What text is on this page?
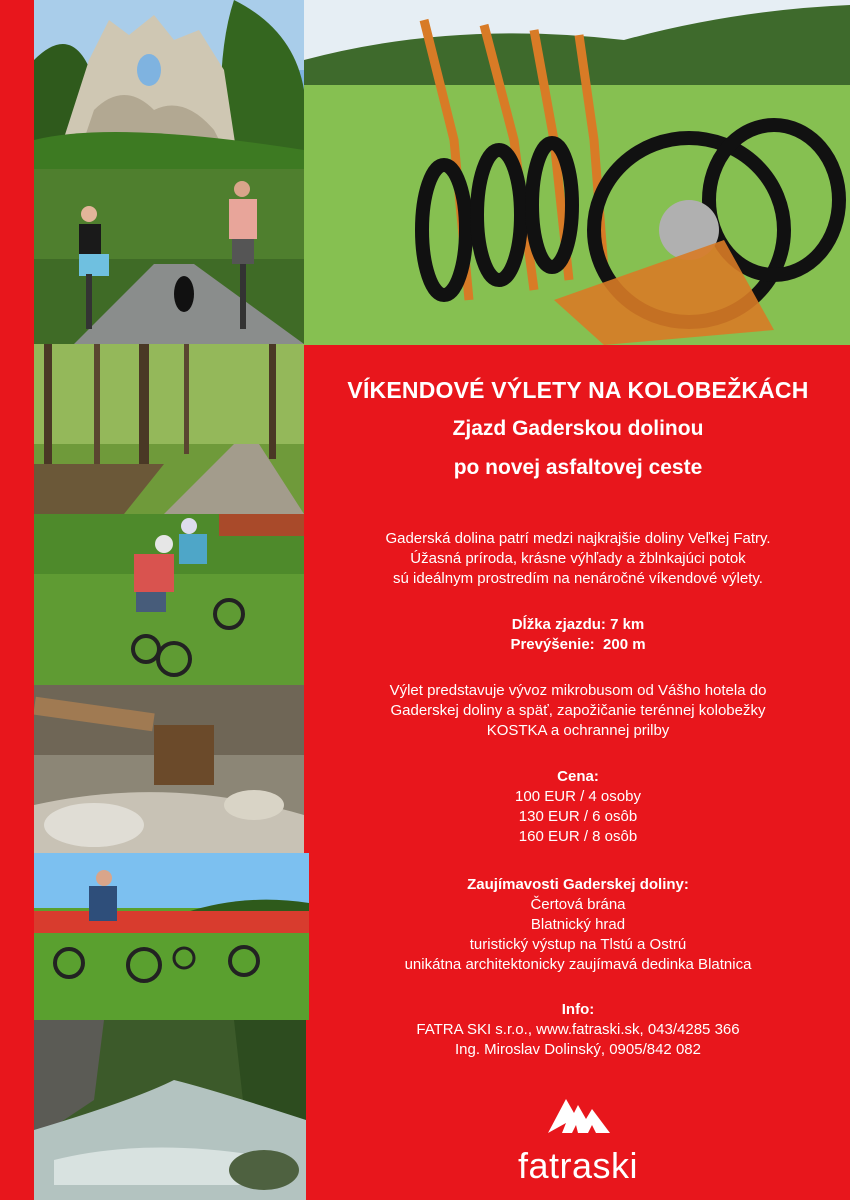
VÍKENDOVÉ VÝLETY NA KOLOBEŽKÁCH
Zjazd Gaderskou dolinou
po novej asfaltovej ceste
Gaderská dolina patrí medzi najkrajšie doliny Veľkej Fatry.
Úžasná príroda, krásne výhľady a žblnkajúci potok
sú ideálnym prostredím na nenáročné víkendové výlety.
Dĺžka zjazdu: 7 km
Prevýšenie: 200 m
Výlet predstavuje vývoz mikrobusom od Vášho hotela do
Gaderskej doliny a späť, zapožičanie terénnej kolobežky
KOSTKA a ochrannej prilby
Cena:
100 EUR / 4 osoby
130 EUR / 6 osôb
160 EUR / 8 osôb
Zaujímavosti Gaderskej doliny:
Čertová brána
Blatnický hrad
turistický výstup na Tlstú a Ostrú
unikátna architektonicky zaujímavá dedinka Blatnica
Info:
FATRA SKI s.r.o., www.fatraski.sk, 043/4285 366
Ing. Miroslav Dolinský, 0905/842 082
fatraski
